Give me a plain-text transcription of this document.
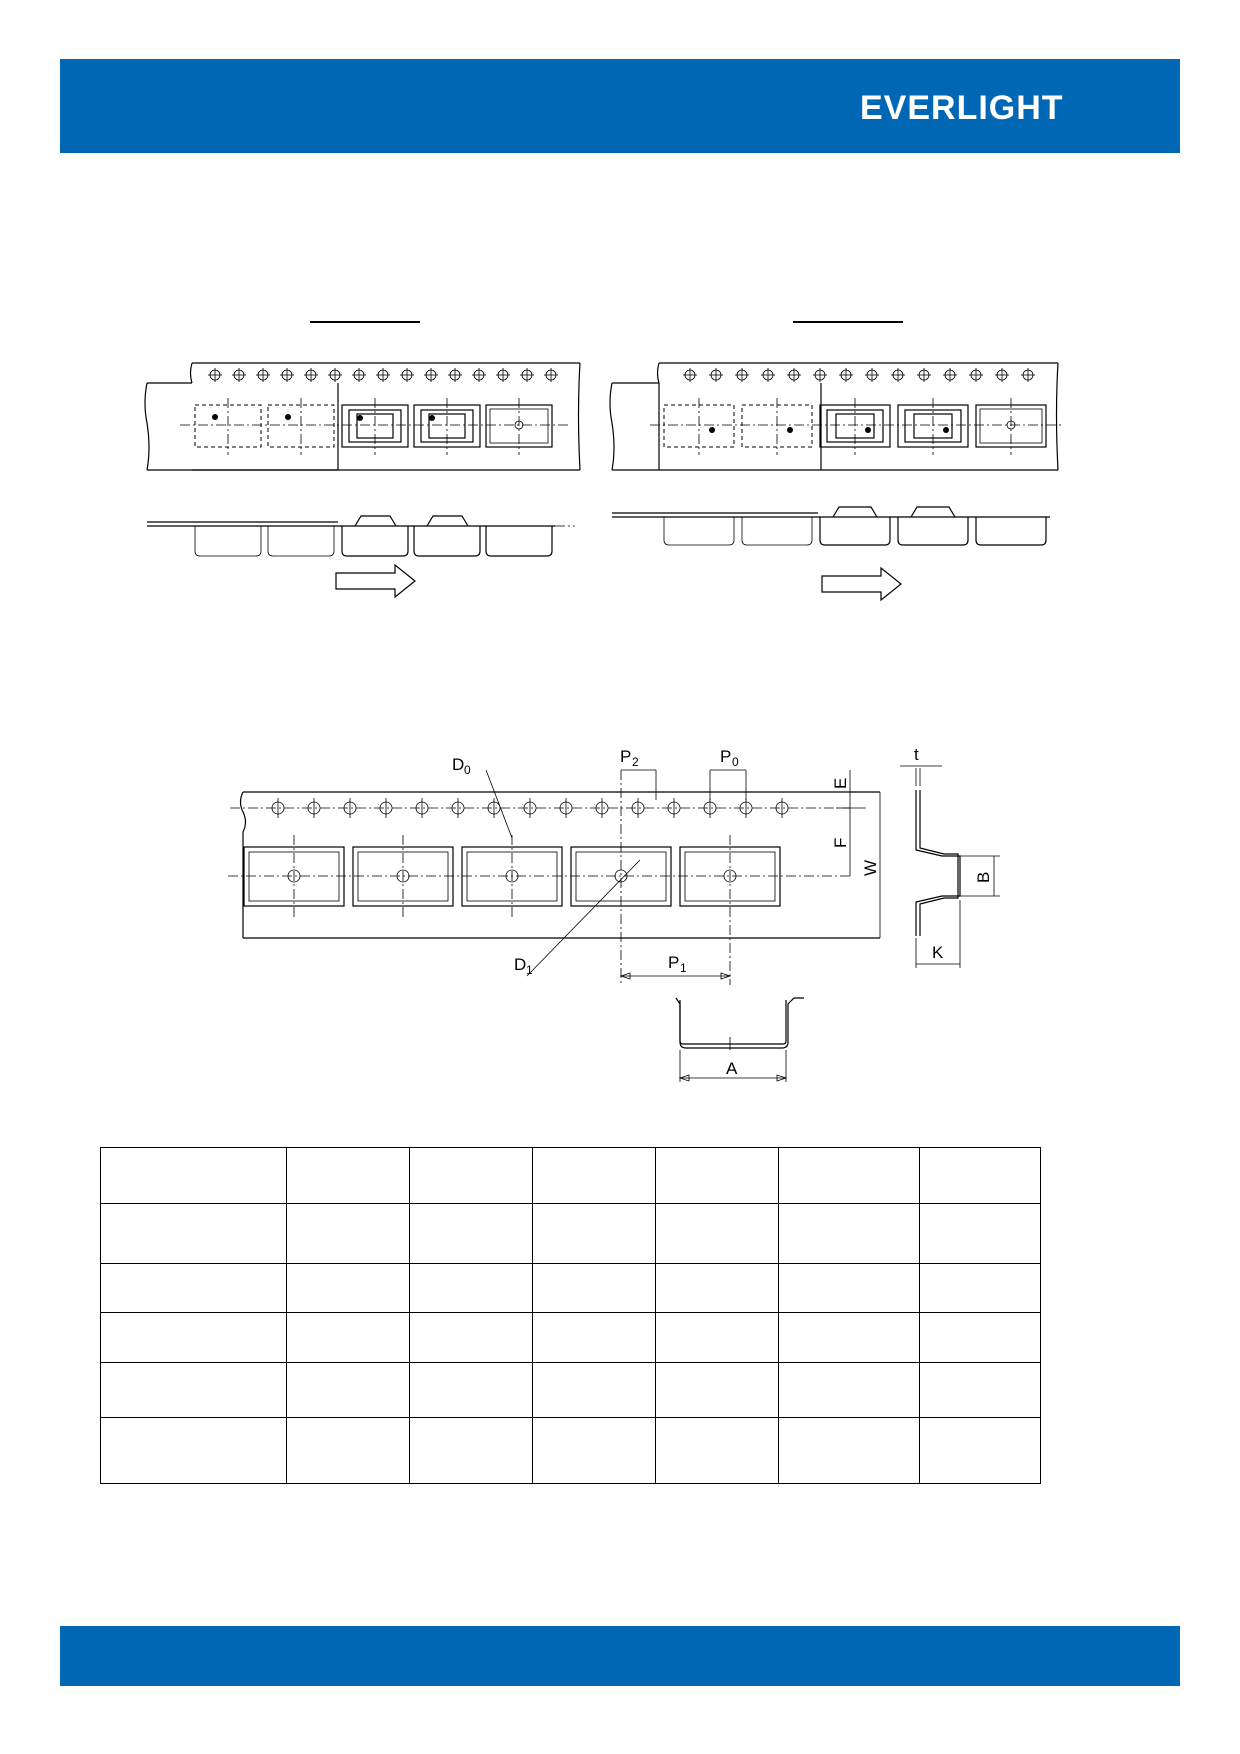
EVERLIGHT
D 0
P 2	P 0
D 1	P 1
E
F
W
t
B
K
A
